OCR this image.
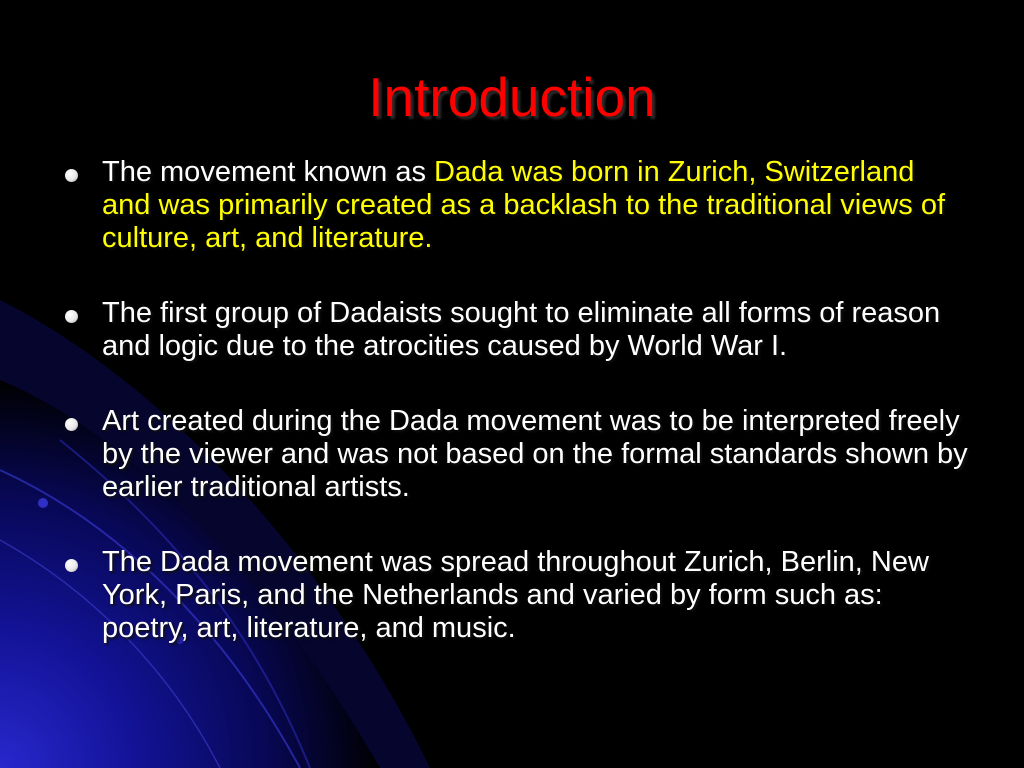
Introduction
The movement known as Dada was born in Zurich, Switzerland and was primarily created as a backlash to the traditional views of culture, art, and literature.
The first group of Dadaists sought to eliminate all forms of reason and logic due to the atrocities caused by World War I.
Art created during the Dada movement was to be interpreted freely by the viewer and was not based on the formal standards shown by earlier traditional artists.
The Dada movement was spread throughout Zurich, Berlin, New York, Paris, and the Netherlands and varied by form such as: poetry, art, literature, and music.
